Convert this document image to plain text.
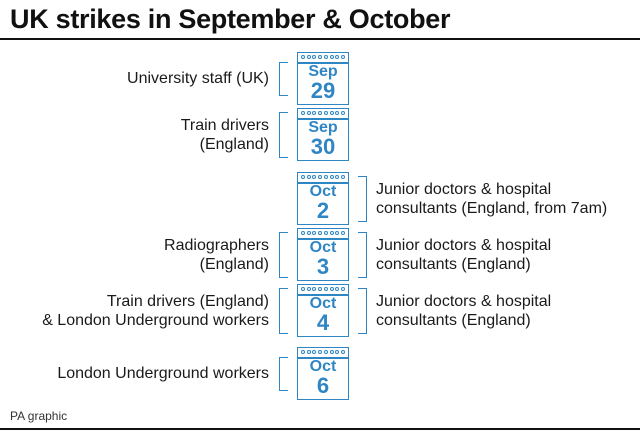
UK strikes in September & October
Sep
29
University staff (UK)
Sep
30
Train drivers
(England)
Oct
2
Junior doctors & hospital
consultants (England, from 7am)
Oct
3
Radiographers
(England)
Junior doctors & hospital
consultants (England)
Oct
4
Train drivers (England)
& London Underground workers
Junior doctors & hospital
consultants (England)
Oct
6
London Underground workers
PA graphic
